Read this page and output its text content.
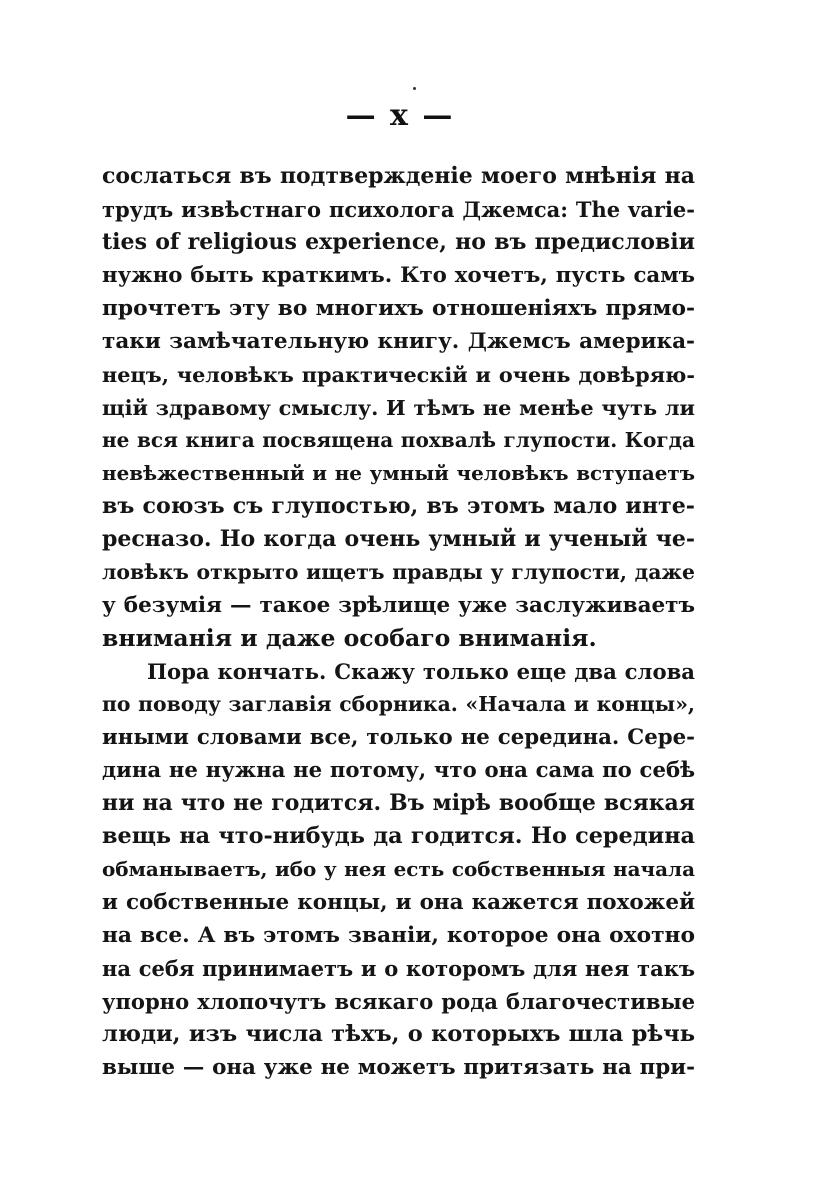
— x —
сослаться въ подтвержденіе моего мнѣнія на
трудъ извѣстнаго психолога Джемса: The varie-
ties of religious experience, но въ предисловіи
нужно быть краткимъ. Кто хочетъ, пусть самъ
прочтетъ эту во многихъ отношеніяхъ прямо-
таки замѣчательную книгу. Джемсъ америка-
нецъ, человѣкъ практическій и очень довѣряю-
щій здравому смыслу. И тѣмъ не менѣе чуть ли
не вся книга посвящена похвалѣ глупости. Когда
невѣжественный и не умный человѣкъ вступаетъ
въ союзъ съ глупостью, въ этомъ мало инте-
ресназо. Но когда очень умный и ученый че-
ловѣкъ открыто ищетъ правды у глупости, даже
у безумія — такое зрѣлище уже заслуживаетъ
вниманія и даже особаго вниманія.
Пора кончать. Скажу только еще два слова
по поводу заглавія сборника. «Начала и концы»,
иными словами все, только не середина. Сере-
дина не нужна не потому, что она сама по себѣ
ни на что не годится. Въ мірѣ вообще всякая
вещь на что-нибудь да годится. Но середина
обманываетъ, ибо у нея есть собственныя начала
и собственные концы, и она кажется похожей
на все. А въ этомъ званіи, которое она охотно
на себя принимаетъ и о которомъ для нея такъ
упорно хлопочутъ всякаго рода благочестивые
люди, изъ числа тѣхъ, о которыхъ шла рѣчь
выше — она уже не можетъ притязать на при-
